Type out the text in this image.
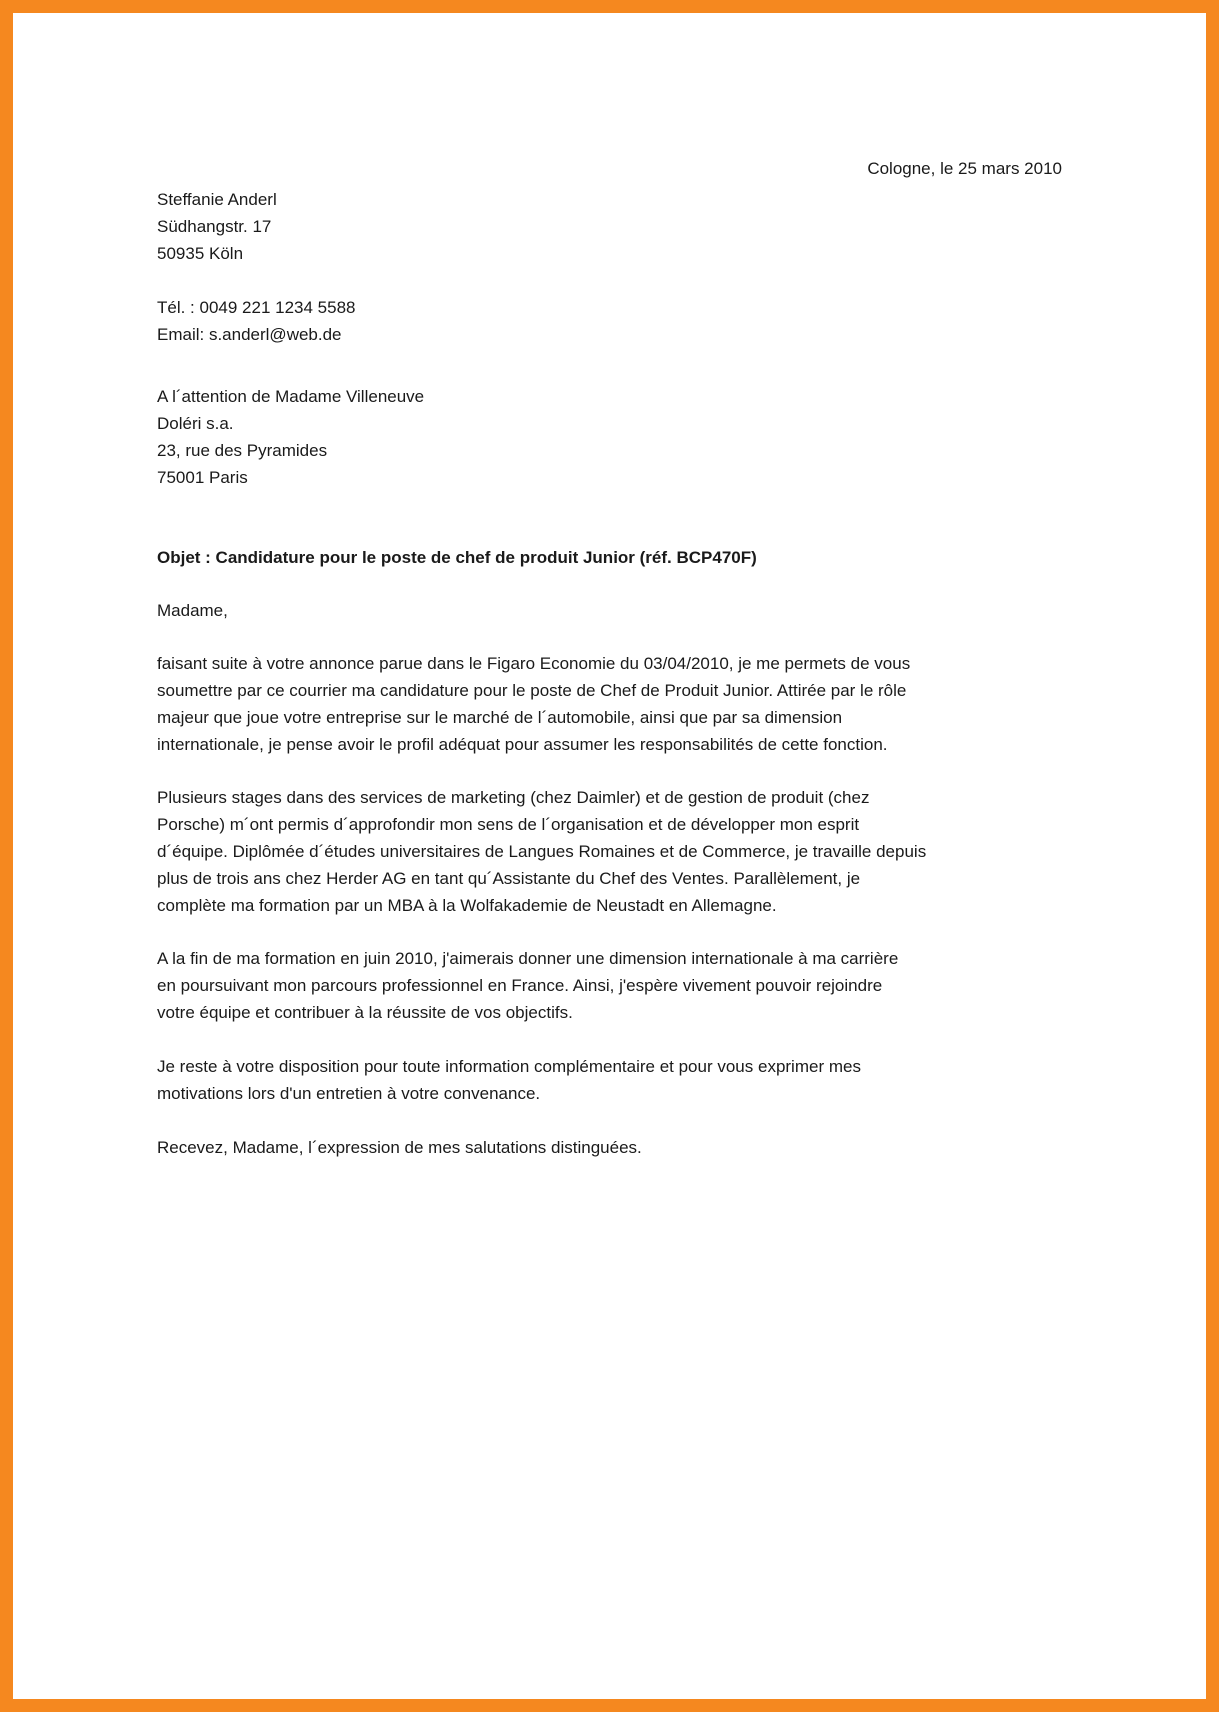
Cologne, le 25 mars 2010
Steffanie Anderl
Südhangstr. 17
50935 Köln
Tél. : 0049 221 1234 5588
Email: s.anderl@web.de
A l´attention de Madame Villeneuve
Doléri s.a.
23, rue des Pyramides
75001 Paris
Objet : Candidature pour le poste de chef de produit Junior (réf. BCP470F)
Madame,
faisant suite à votre annonce parue dans le Figaro Economie du 03/04/2010, je me permets de vous
soumettre par ce courrier ma candidature pour le poste de Chef de Produit Junior. Attirée par le rôle
majeur que joue votre entreprise sur le marché de l´automobile, ainsi que par sa dimension
internationale, je pense avoir le profil adéquat pour assumer les responsabilités de cette fonction.
Plusieurs stages dans des services de marketing (chez Daimler) et de gestion de produit (chez
Porsche) m´ont permis d´approfondir mon sens de l´organisation et de développer mon esprit
d´équipe. Diplômée d´études universitaires de Langues Romaines et de Commerce, je travaille depuis
plus de trois ans chez Herder AG en tant qu´Assistante du Chef des Ventes. Parallèlement, je
complète ma formation par un MBA à la Wolfakademie de Neustadt en Allemagne.
A la fin de ma formation en juin 2010, j'aimerais donner une dimension internationale à ma carrière
en poursuivant mon parcours professionnel en France. Ainsi, j'espère vivement pouvoir rejoindre
votre équipe et contribuer à la réussite de vos objectifs.
Je reste à votre disposition pour toute information complémentaire et pour vous exprimer mes
motivations lors d'un entretien à votre convenance.
Recevez, Madame, l´expression de mes salutations distinguées.
